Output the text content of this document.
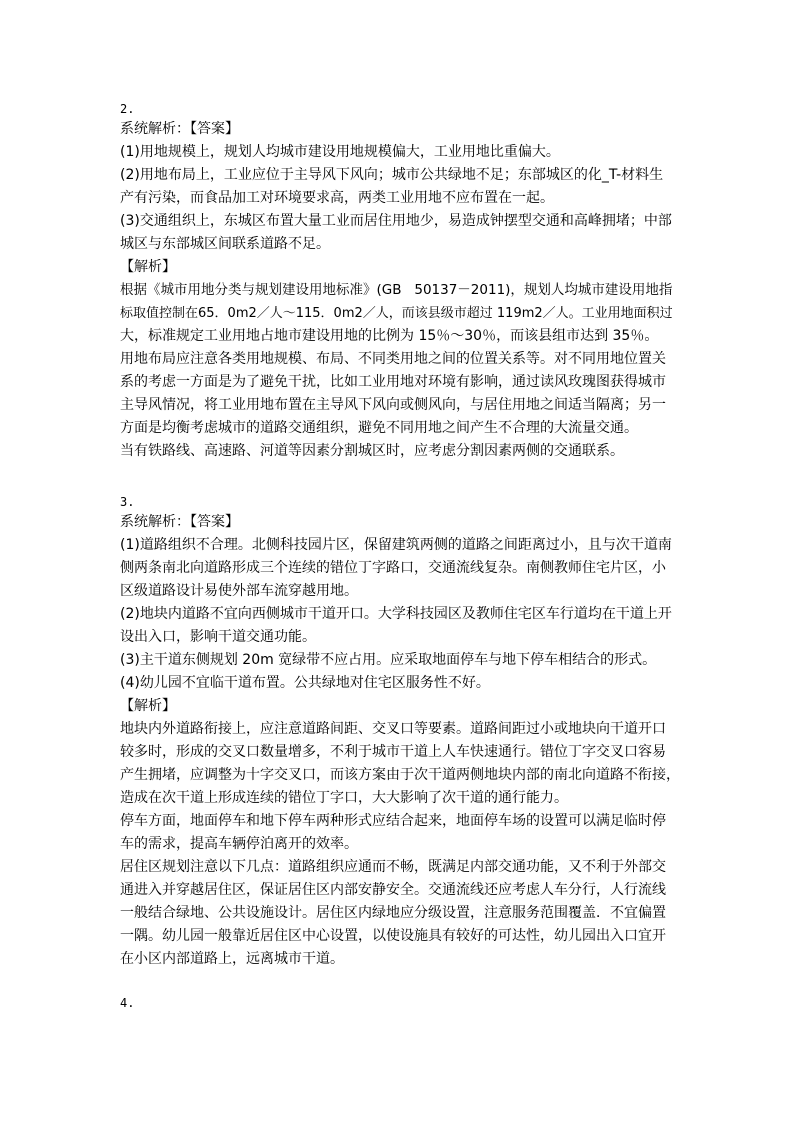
2.

系统解析：【答案】

(1)用地规模上，规划人均城市建设用地规模偏大，工业用地比重偏大。

(2)用地布局上，工业应位于主导风下风向；城市公共绿地不足；东部城区的化_T-材料生

产有污染，而食品加工对环境要求高，两类工业用地不应布置在一起。

(3)交通组织上，东城区布置大量工业而居住用地少，易造成钟摆型交通和高峰拥堵；中部

城区与东部城区间联系道路不足。

【解析】

根据《城市用地分类与规划建设用地标准》(GB   50137－2011)，规划人均城市建设用地指

标取值控制在65．0m2／人～115．0m2／人，而该县级市超过 119m2／人。工业用地面积过

大，标准规定工业用地占地市建设用地的比例为 15％～30％，而该县组市达到 35％。

用地布局应注意各类用地规模、布局、不同类用地之间的位置关系等。对不同用地位置关

系的考虑一方面是为了避免干扰，比如工业用地对环境有影响，通过读风玫瑰图获得城市

主导风情况，将工业用地布置在主导风下风向或侧风向，与居住用地之间适当隔离；另一

方面是均衡考虑城市的道路交通组织，避免不同用地之间产生不合理的大流量交通。

当有铁路线、高速路、河道等因素分割城区时，应考虑分割因素两侧的交通联系。

3.

系统解析：【答案】

(1)道路组织不合理。北侧科技园片区，保留建筑两侧的道路之间距离过小，且与次干道南

侧两条南北向道路形成三个连续的错位丁字路口，交通流线复杂。南侧教师住宅片区，小

区级道路设计易使外部车流穿越用地。

(2)地块内道路不宜向西侧城市干道开口。大学科技园区及教师住宅区车行道均在干道上开

设出入口，影响干道交通功能。

(3)主干道东侧规划 20m 宽绿带不应占用。应采取地面停车与地下停车相结合的形式。

(4)幼儿园不宜临干道布置。公共绿地对住宅区服务性不好。

【解析】

地块内外道路衔接上，应注意道路间距、交叉口等要素。道路间距过小或地块向干道开口

较多时，形成的交叉口数量增多，不利于城市干道上人车快速通行。错位丁字交叉口容易

产生拥堵，应调整为十字交叉口，而该方案由于次干道两侧地块内部的南北向道路不衔接，

造成在次干道上形成连续的错位丁字口，大大影响了次干道的通行能力。

停车方面，地面停车和地下停车两种形式应结合起来，地面停车场的设置可以满足临时停

车的需求，提高车辆停泊离开的效率。

居住区规划注意以下几点：道路组织应通而不畅，既满足内部交通功能，又不利于外部交

通进入并穿越居住区，保证居住区内部安静安全。交通流线还应考虑人车分行，人行流线

一般结合绿地、公共设施设计。居住区内绿地应分级设置，注意服务范围覆盖．不宜偏置

一隅。幼儿园一般靠近居住区中心设置，以使设施具有较好的可达性，幼儿园出入口宜开

在小区内部道路上，远离城市干道。

4.
